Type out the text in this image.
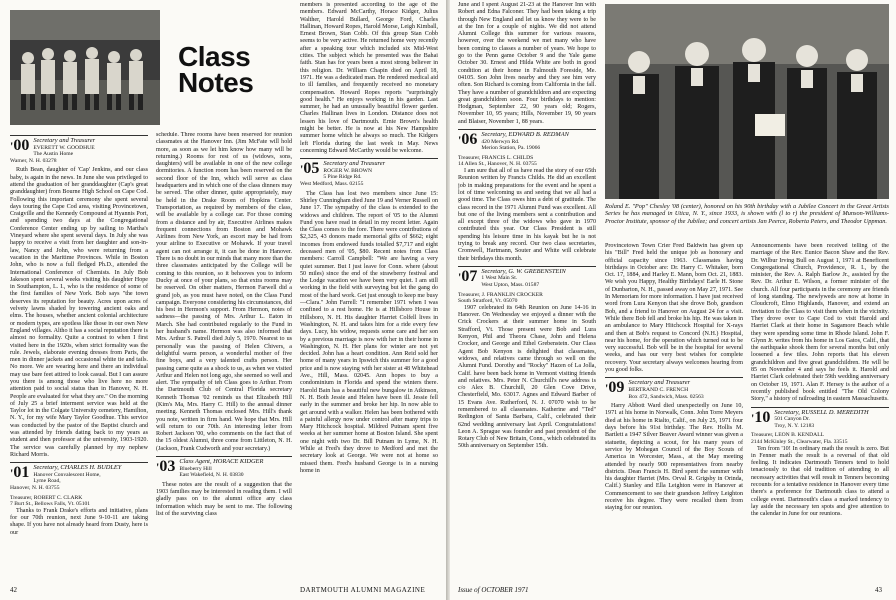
Class
Notes
'00 Secretary and Treasurer
EVERETT W. GOODHUE
The Austin Home
Warner, N. H. 03278

Ruth Bean, daughter of 'Cap' Jenkins, and our class baby, is again in the news. In June she was privileged to attend the graduation of her granddaughter (Cap's great granddaughter) from Bourne High School on Cape Cod. Following this important ceremony she spent several days touring the Cape Cod area, visiting Provincetown, Craigville and the Kennedy Compound at Hyannis Port, and spending two days at the Congregational Conference Center ending up by sailing to Martha's Vineyard where she spent several days. In July she was happy to receive a visit from her daughter and son-in-law, Nancy and John, who were returning from a vacation in the Maritime Provinces. While in Boston John, who is now a full fledged Ph.D., attended the International Conference of Chemists. In July Bob Jakeson spent several weeks visiting his daughter Hope in Southampton, L. I., who is the residence of some of the first families of New York. Bob says "the town deserves its reputation for beauty. Acres upon acres of velvety lawns shaded by towering ancient oaks and elms. The houses, whether ancient colonial architecture or modern types, are spotless like those in our own New England villages. Altho it has a social reputation there is almost no formality. Quite a contrast to when I first visited here in the 1920s, when strict formality was the rule. Jewels, elaborate evening dresses from Paris, the men in dinner jackets and occasional white tie and tails. No more. We are wearing here and there an individual may use bare feet attired to look casual. But I can assure you there is among those who live here no more attention paid to social status than in Hanover, N. H. People are evaluated for what they are." On the morning of July 25 a brief interment service was held at the Taylor lot in the Colgate University cemetery, Hamilton, N. Y., for my wife Mary Taylor Goodhue. This service was conducted by the pastor of the Baptist church and was attended by friends dating back to my years as student and then professor at the university, 1903-1920. The service was carefully planned by my nephew Richard Morris.

'01 Secretary, CHARLES H. BUDLEY
Hanover Convalescent Home,
Lyme Road,
Hanover, N. H. 03755
Treasurer, ROBERT C. CLARK
7 Burt St., Bellows Falls, Vt. 05101

Thanks to Frank Drake's efforts and initiative, plans for our 70th reunion, next June 9-10-11 are taking shape. If you have not already heard from Dusty, here is our

schedule. Three rooms have been reserved for reunion classmates at the Hanover Inn. (Jim McFate will hold more, as soon as we let him know how many will be returning.) Rooms for rest of us (widows, sons, daughters) will be available in one of the new college dormitories. A function room has been reserved on the second floor of the Inn, which will serve as class headquarters and in which one of the class dinners may be served. The other dinner, quite appropriately, may be held in the Drake Room of Hopkins Center. Transportation, as required by members of the class, will be available by a college car. For those coming from a distance and by air, Executive Airlines makes frequent connections from Boston and Mohawk Airlines from New York, an escort may be had from your airline to Executive or Mohawk. If your travel agent can not arrange it, it can be done in Hanover. There is no doubt in our minds that many more than the three classmates anticipated by the College will be coming to this reunion, so it behooves you to inform Ducky at once of your plans, so that extra rooms may be reserved. On other matters, Hermon Farwell did a grand job, as you must have noted, on the Class Fund campaign. Everyone considering his circumstances, did his best in Hermon's support. From Hermon, notes of sadness—the passing of Mrs. Arthur L. Eaton in March. She had contributed regularly to the Fund in her husband's name. Hermon was also informed that Mrs. Arthur S. Patrell died July 5, 1970. Nearest to us personally was the passing of Helen Chivers, a delightful warm person, a wonderful mother of five fine boys, and a very talented crafts person. Her passing came quite as a shock to us, as when we visited Arthur and Helen not long ago, she seemed so well and alert. The sympathy of teh Class goes to Arthur. From the Dartmouth Club of Central Florida secretary Kenneth Thomas '02 reminds us that Elizabeth Hill (Kim's Ma, Mrs. Harry C. Hill) to the annual dinner meeting. Kenneth Thomas enclosed Mrs. Hill's thank you note, written in firm hand. We hope that Mrs. Hill will return to our 70th. An interesting letter from Robert Jackson '00, who comments on the fact that of the 15 oldest Alumni, three come from Littleton, N. H. (Jackson, Frank Cudworth and your secretary.)

'03 Class Agent, HORACE KIDGER
Blueberry Hill
East Wakefield, N. H. 03830

These notes are the result of a suggestion that the 1903 families may be interested in reading them. I will gladly pass on to the alumni office any class information which may be sent to me. The following list of the surviving class

members is presented according to the age of the members. Edward McCarthy, Horace Kidger, Julius Walther, Harold Bullard, George Ford, Charles Hallinan, Howard Ropes, Harold Morse, Leigh Kimball, Ernest Brown, Stan Cobb. Of this group Stan Cobb seems to be very active. He returned home very recently after a speaking tour which included six Mid-West cities. The subject which he presented was the Bahai faith. Stan has for years been a most strong believer in this religion. Dr. William Chapin died on April 18, 1971. He was a dedicated man. He rendered medical aid to ill families, and frequently received no monetary compensation. Howard Ropes reports "surprisingly good health." He enjoys working in his garden. Last summer, he had an unusually beautiful flower garden. Charles Hallinan lives in London. Distance does not lessen his love of Dartmouth. Ernie Brown's health might be better. He is now at his New Hampshire summer home which he always so much. The Kidgers left Florida during the last week in May. News concerning Edward McCarthy would be welcome.

'05 Secretary and Treasurer
ROGER W. BROWN
5 Pine Ridge Rd.
West Medford, Mass. 02155

The Class has lost two members since June 15: Shirley Cunningham died June 19 and Verner Russell on June 17. The sympathy of the class is extended to the widows and children. The report of '05 to the Alumni Fund you have read in detail in my recent letter. Again the Class comes to the fore. There were contributions of $2,325, 43 donors made memorial gifts of $662; eight incomes from endowed funds totalled $7,717 and eight deceased men of '05, $80. Recent notes from Class members: Carroll Campbell: "We are having a very quiet summer. But I just leave for Conn. where (about 50 miles) since the end of the strawberry festival and the Lodge vacation we have been very quiet. I am still working in the field with surveying but let the gang do most of the hard work. Get just enough to keep me busy—Clara." John Farrell: "I remember 1971 when I was confined to a rest home. He is at Hillsboro House in Hillsboro, N. H. His daughter Harriet Colfell lives in Washington, N. H. and takes him for a ride every few days. Lucy, his widow, requests some care and her son by a previous marriage is now with her in their home in Washington, N. H. Her plans for winter are not yet decided. John has a heart condition. Ann Reid sold her home of many years in Ipswich this summer for a good price and is now staying with her sister at 48 Whitehead Ave., Hill, Mass. 02045. Ann hopes to buy a condominium in Florida and spend the winters there. Harold Bain has a beautiful new bungalow in Atkinson, N. H. Both Jessie and Helen have been ill. Jessie fell early in the summer and broke her hip. In now able to get around with a walker. Helen has been bothered with a painful allergy now under control after many trips to Mary Hitchcock hospital. Mildred Putnam spent five weeks at her summer home at Boston Island. She spent one night with two Dr. Bill Putnam in Lyme, N. H. While at Fred's they drove to Medford and met the secretary look at George. We were not at home so missed them. Fred's husband George is in a nursing home in

42	DARTMOUTH ALUMNI MAGAZINE

June and I spent August 21-23 at the Hanover Inn with Robert and Edna Falconer. They had been taking a trip through New England and let us know they were to be at the Inn for a couple of nights. We did not attend Alumni College this summer for various reasons, however, over the weekend we met many who have been coming to classes a number of years. We hope to go to the Penn game October 9 and the Yale game October 30. Ernest and Hilda White are both in good condition at their home in Falmouth Foreside, Me. 04105. Son John lives nearby and they see him very often. Son Richard is coming from California in the fall. They have a number of grandchildren and are expecting great grandchildren soon. Four birthdays to mention: Hodgman, September 22, 90 years old; Rogers, November 10, 95 years; Hills, November 19, 90 years and Blaiser, November 1, 88 years.

'06 Secretary, EDWARD B. REDMAN
420 Merwyn Rd.
Merion Station, Pa. 19066
Treasurer, FRANCIS L. CHILDS
14 Allen St., Hanover, N. H. 03755

I am sure that all of us have read the story of our 65th Reunion written by Francis Childs. He did an excellent job in making preparations for the event and he spent a lot of time welcoming us and seeing that we all had a good time. The Class owes him a debt of gratitude. The class record in the 1971 Alumni Fund was excellent. All but one of the living members sent a contribution and all except three of the widows who gave in 1970 contributed this year. Our Class President is still spending his leisure time in his kayak but he is not trying to break any record. Our two class secretaries, Cromwell, Hartmann, Souter and White will celebrate their birthdays this month.

'07 Secretary, G. W. GREBENSTEIN
1 West Main St.
West Upton, Mass. 01587
Treasurer, J. FRANKLIN CROCKER
South Stratford, Vt. 05070

1907 celebrated its 64th Reunion on June 14-16 in Hanover. On Wednesday we enjoyed a dinner with the Crick Crockers at their summer home in South Strafford, Vt. Those present were Bob and Lura Kenyon, Phil and Theora Chase, John and Helena Crocker, and George and Ethel Grebenstein. Our Class Agent Bob Kenyon is delighted that classmates, widows, and relatives came through so well on the Alumni Fund. Dorothy and "Rocky" Hazen of La Jolla, Calif. have been back home in Vermont visiting friends and relatives. Mrs. Peter N. Churchill's new address is c/o Alex B. Churchill, 20 Glen Cove Drive, Chesterfield, Mo. 63017. Agnes and Edward Barber of 15 Evans Ave. Rutherford, N. J. 07070 wish to be remembered to all classmates. Katherine and "Ted" Redington of Santa Barbara, Calif., celebrated their 62nd wedding anniversary last April. Congratulations! Leon A. Sprague was founder and past president of the Rotary Club of New Britain, Conn., which celebrated its 50th anniversary on September 15th.

Roland E. "Pop" Chesley '08 (center), honored on his 90th birthday with a Jubilee Concert in the Great Artists Series he has managed in Utica, N. Y., since 1933, is shown with (l to r) the president of Munson-Williams-Proctor Institute, sponsor of the Jubilee; and concert artists Jan Peerce, Roberta Peters, and Theodor Uppman.

Provincetown Town Crier Fred Baldwin has given up his "Bill" Fred held the unique job as honorary and official capacity since 1963. Classmates having birthdays in October are: Dr. Harry C. Whitaker, born Oct. 17, 1884, and Harley E. Mann, born Oct. 21, 1883. We wish you Happy, Healthy Birthdays! Earle H. Stone of Dunbarton, N. H., passed away on May 27, 1971. See In Memoriam for more information. I have just received word from Lura Kenyon that she drove Bob, grandson Bob, and a friend to Hanover on August 24 for a visit. While there Bob fell and broke his hip. He was taken in an ambulance to Mary Hitchcock Hospital for X-rays and then at Bob's request to Concord (N.H.) Hospital, near his home, for the operation which turned out to be very successful. Bob will be in the hospital for several weeks, and has our very best wishes for complete recovery. Your secretary always welcomes hearing from you good folks.

'09 Secretary and Treasurer
BERTRAND C. FRENCH
Box 472, Sandwich, Mass. 02563

Harry Abbott Ward died unexpectedly on June 10, 1971 at his home in Norwalk, Conn. John Torre Meyers died at his home in Rialto, Calif., on July 25, 1971 four days before his 91st birthday. The Rev. Hollis M. Bartlett a 1947 Silver Beaver Award winner was given a statuette, depicting a scout, for his many years of service by Mohegan Council of the Boy Scouts of America in Worcester, Mass., at the May meeting attended by nearly 900 representatives from nearby districts. Dean Francis H. Bird spent the summer with his daughter Harriet (Mrs. Orval R. Grigsby in Orinda, Calif.) Stanley and Ella Leighton were in Hanover at Commencement to see their grandson Jeffrey Leighton receive his degree. They were recalled them from staying for our reunion.

Announcements have been received telling of the marriage of the Rev. Eunice Bacon Shaw and the Rev. Dr. Wilbur Irving Bull on August 1, 1971 at Beneficent Congregational Church, Providence, R. I., by the minister, the Rev. A. Ralph Barlow Jr., assisted by the Rev. Dr. Arthur E. Wilson, a former minister of the church. All four participants in the ceremony are friends of long standing. The newlyweds are now at home in Cloudcroft, Elmo Highlands, Hanover, and extend an invitation to the Class to visit them when in the vicinity. They drove over to Cape Cod to visit Harold and Harriet Clark at their home in Sagamore Beach while they were spending some time in Rhode Island. John F. Glynn Jr. writes from his home in Los Gatos, Calif., that the earthquake shook them for several months but only loosened a few tiles. John reports that his eleven grandchildren and five great grandchildren. He will be 85 on November 4 and says he feels it. Harold and Harriet Clark celebrated their 59th wedding anniversary on October 19, 1971. Alan F. Hersey is the author of a recently published book entitled "The Old Colony Story," a history of railroading in eastern Massachusetts.

'10 Secretary, RUSSELL D. MEREDITH
501 Canyon Dr.
Troy, N. Y. 12183
Treasurer, LEON B. KENDALL
2144 McKinley St., Clearwater, Fla. 33515

Ten from '10! In ordinary math the result is zero. But in Fenner math the result is a reversal of that old feeling. It indicates Dartmouth Tenners tend to hold tenaciously to that old tradition of attending to all necessary activities that will result in Tenners becoming recounts for a tentative residence in Hanover every time there's a preference for Dartmouth class to attend a college event. Dartmouth's class a marked tendency to lay aside the necessary ten spots and give attention to the calendar in June for our reunions.

Issue of OCTOBER 1971	43
